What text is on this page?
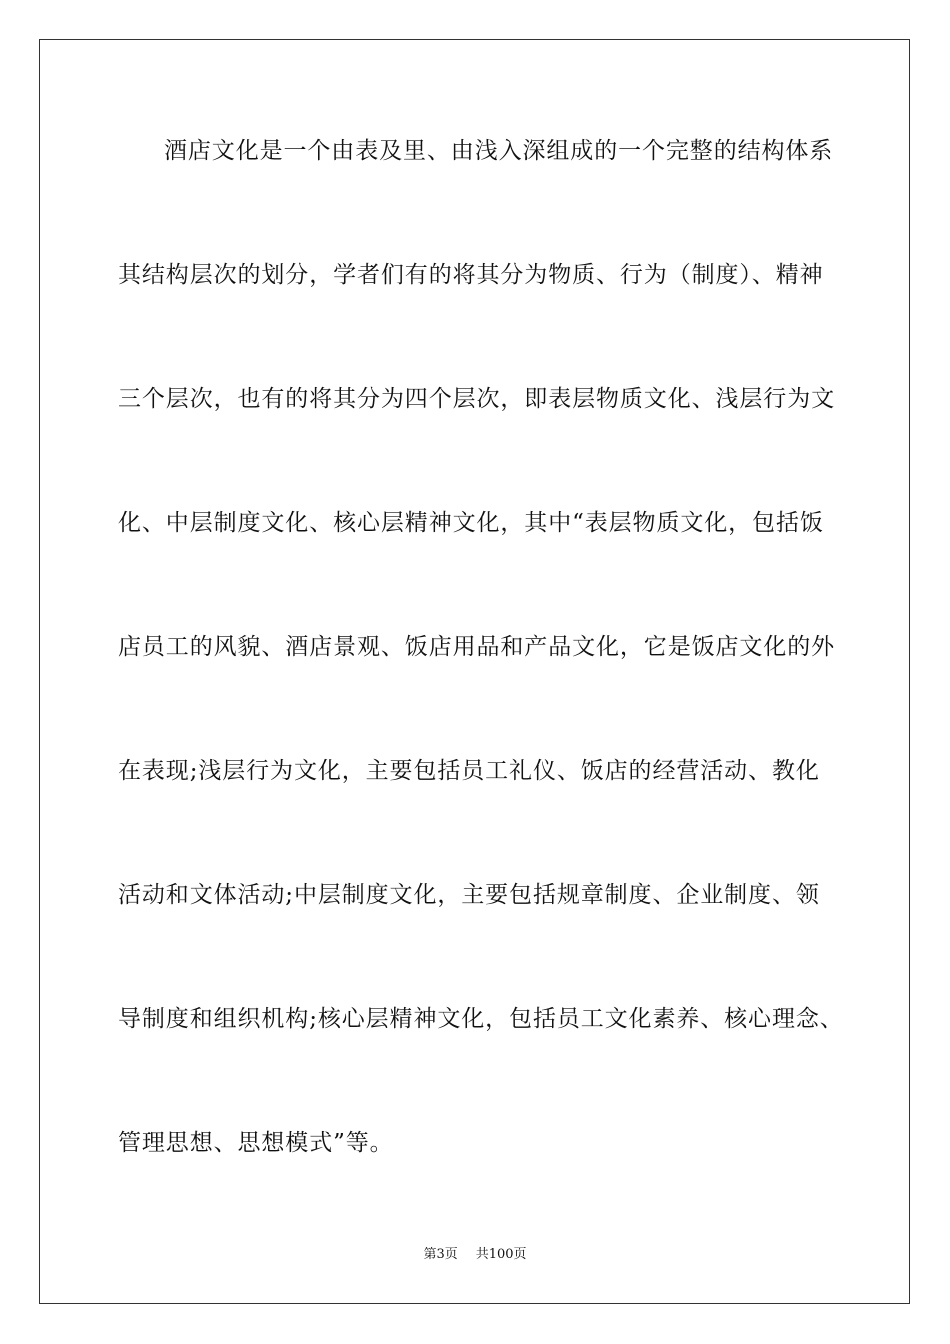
酒店文化是一个由表及里、由浅入深组成的一个完整的结构体系
其结构层次的划分，学者们有的将其分为物质、行为（制度）、精神
三个层次，也有的将其分为四个层次，即表层物质文化、浅层行为文
化、中层制度文化、核心层精神文化，其中“表层物质文化，包括饭
店员工的风貌、酒店景观、饭店用品和产品文化，它是饭店文化的外
在表现;浅层行为文化，主要包括员工礼仪、饭店的经营活动、教化
活动和文体活动;中层制度文化，主要包括规章制度、企业制度、领
导制度和组织机构;核心层精神文化，包括员工文化素养、核心理念、
管理思想、思想模式”等。
第3页 共100页
